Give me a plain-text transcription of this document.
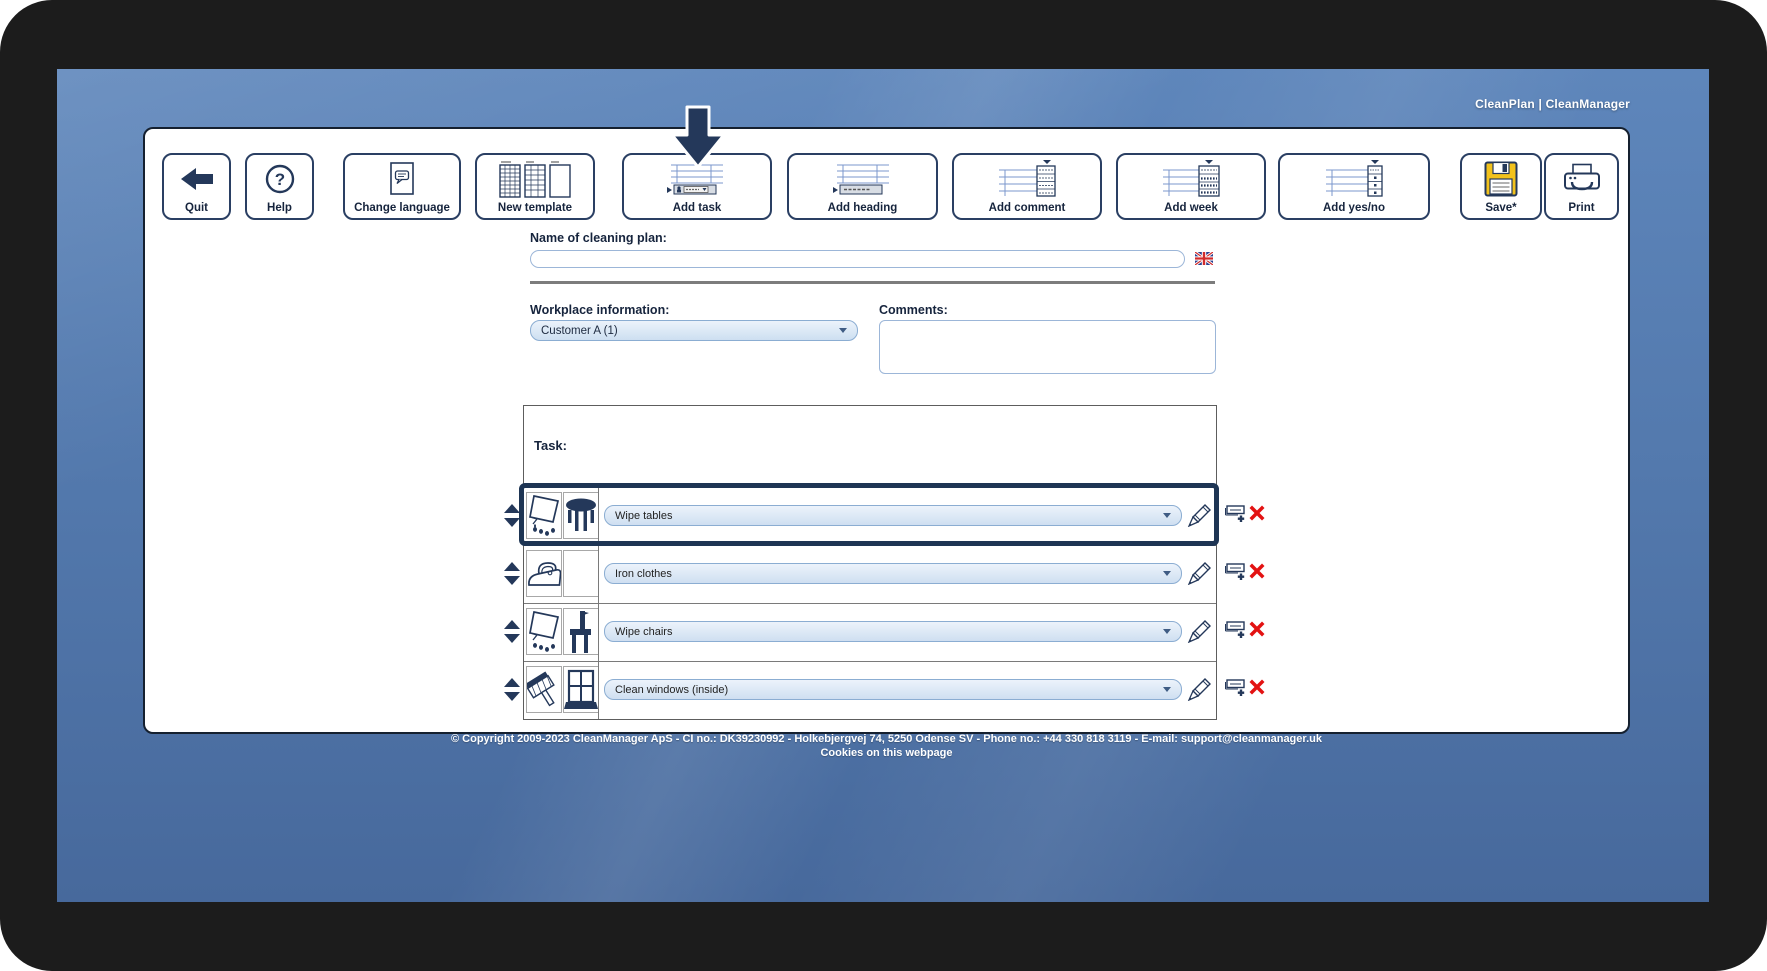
CleanPlan | CleanManager
Quit
?
Help	Change language	New template	Add task	Add heading	Add comment	Add week	Add yes/no	Save*	Print
Name of cleaning plan:
Workplace information:
Customer A (1)
Comments:
Task:
Wipe tables
Iron clothes
Wipe chairs
Clean windows (inside)
© Copyright 2009-2023 CleanManager ApS - CI no.: DK39230992 - Holkebjergvej 74, 5250 Odense SV - Phone no.: +44 330 818 3119 - E-mail: support@cleanmanager.uk
Cookies on this webpage
